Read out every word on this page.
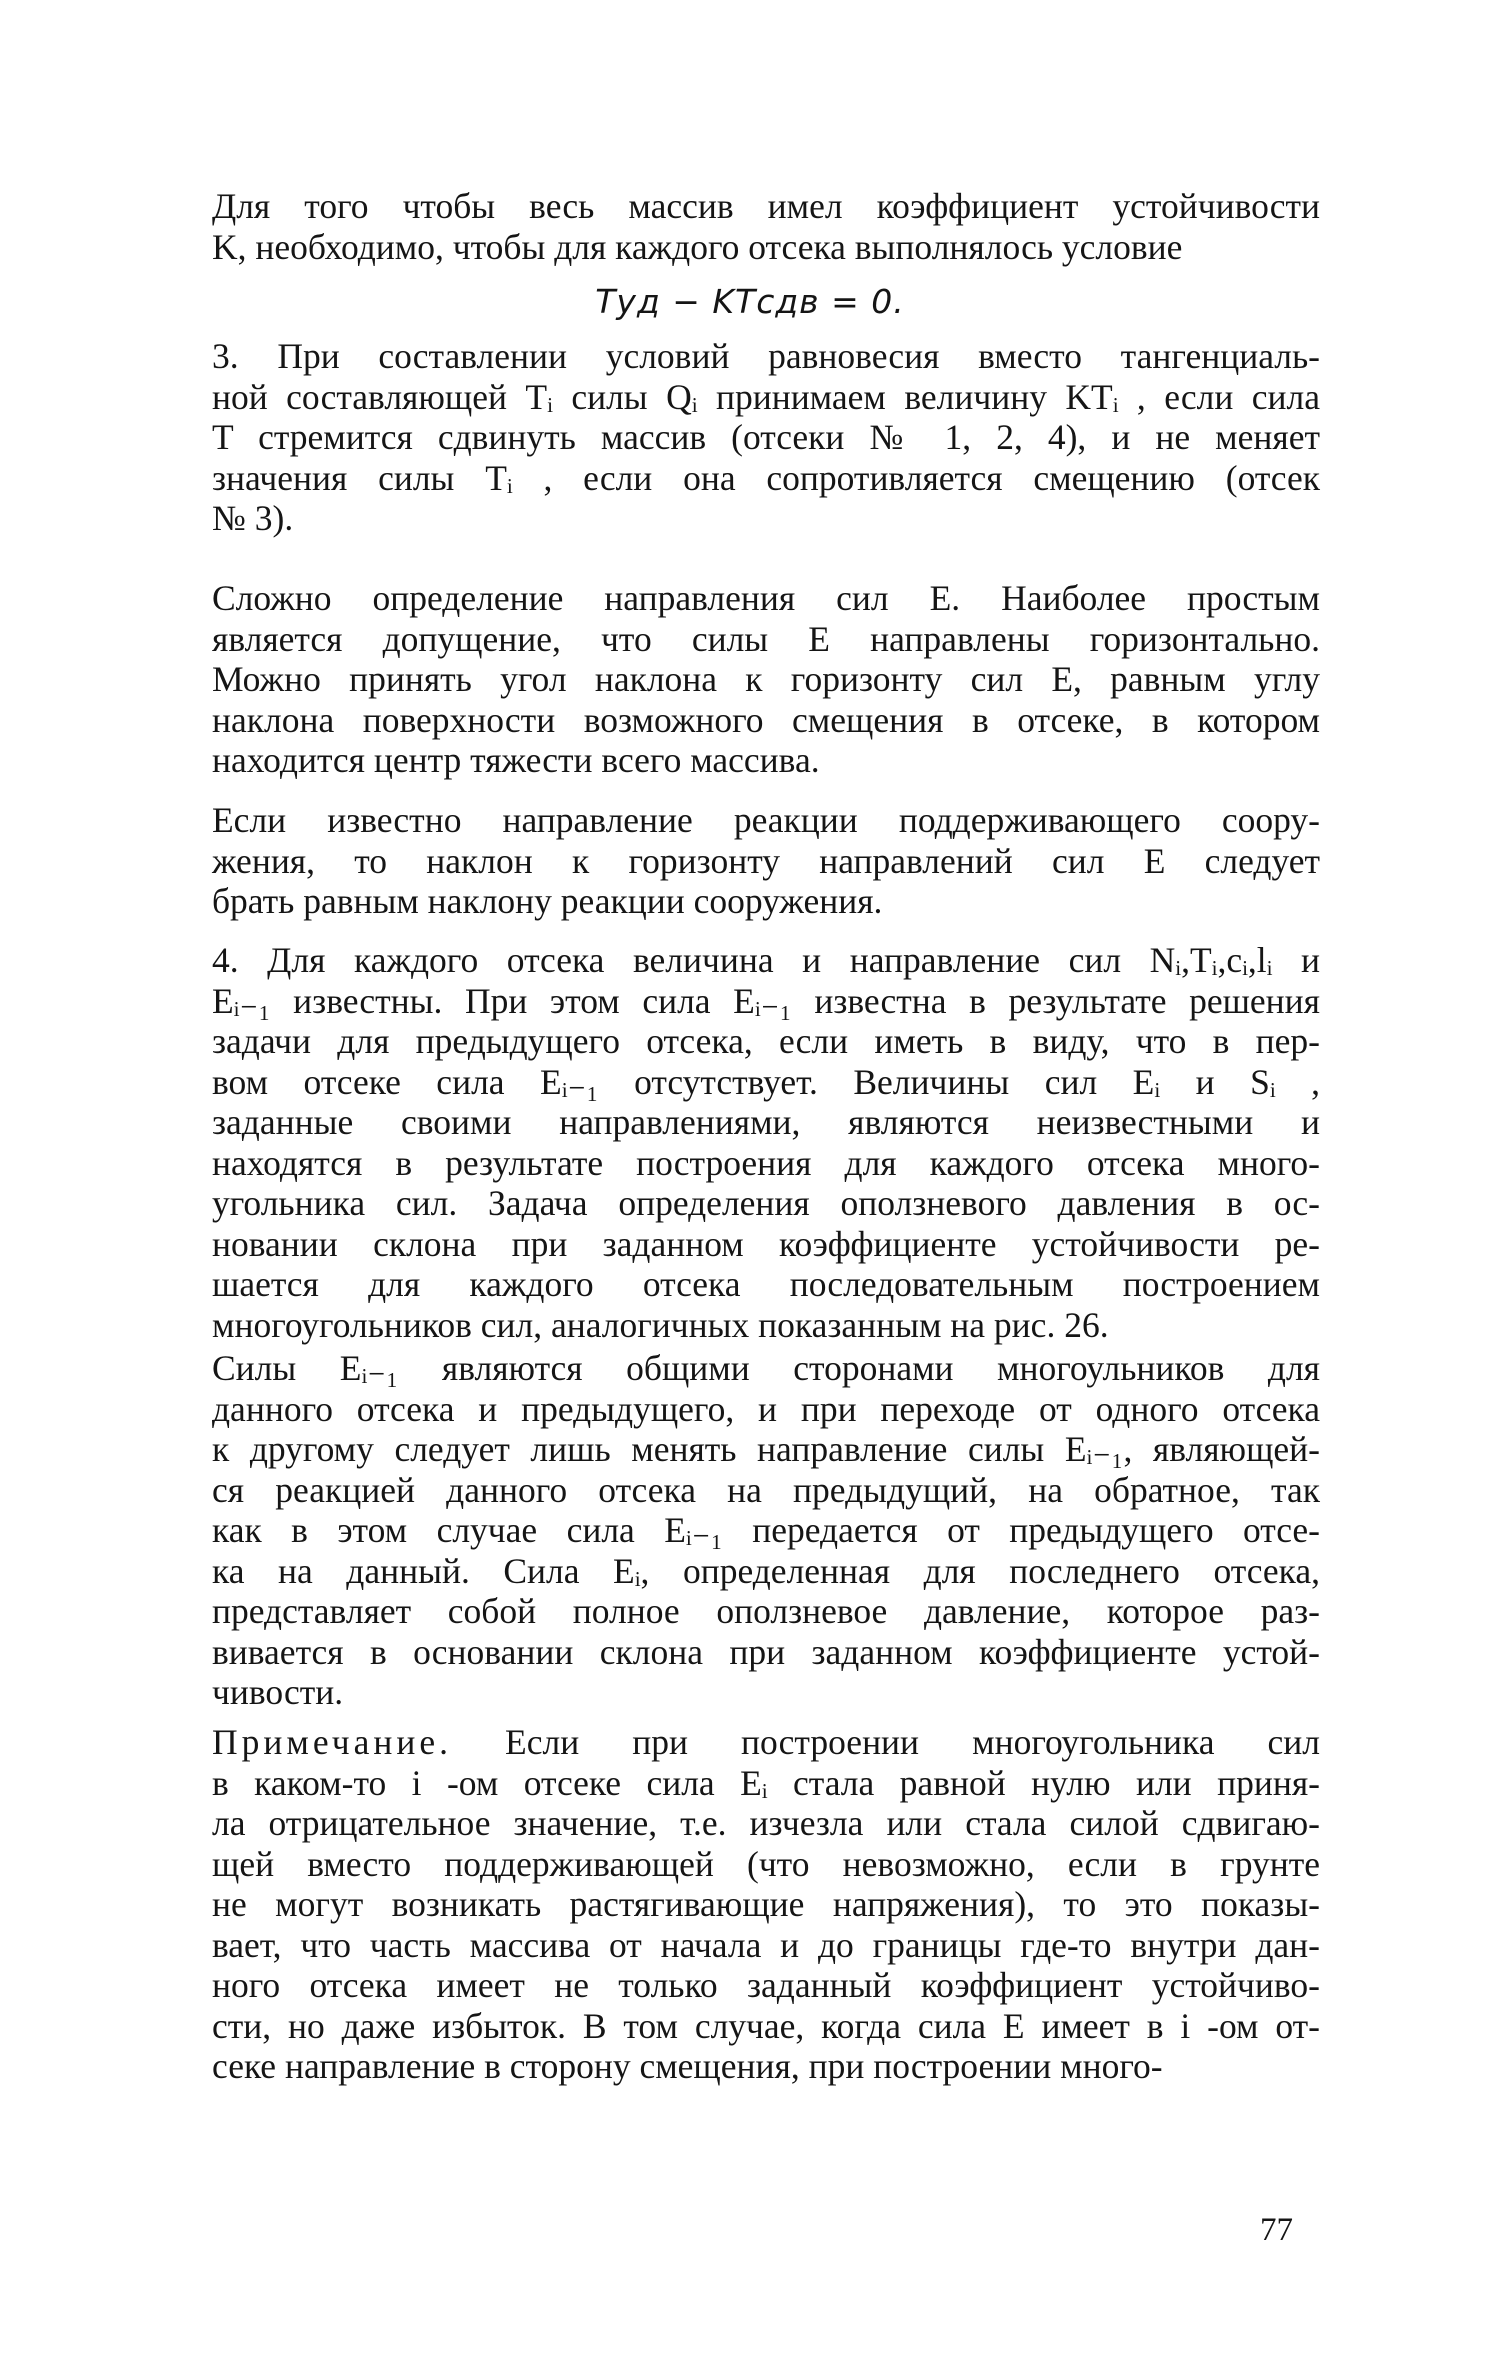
Для того чтобы весь массив имел коэффициент устойчивости
K, необходимо, чтобы для каждого отсека выполнялось условие
Tуд − KTсдв = 0.
3. При составлении условий равновесия вместо тангенциаль-
ной составляющей Tᵢ силы Qᵢ принимаем величину KTᵢ , если сила
T стремится сдвинуть массив (отсеки № 1, 2, 4), и не меняет
значения силы Tᵢ , если она сопротивляется смещению (отсек
№ 3).
Сложно определение направления сил E. Наиболее простым
является допущение, что силы E направлены горизонтально.
Можно принять угол наклона к горизонту сил E, равным углу
наклона поверхности возможного смещения в отсеке, в котором
находится центр тяжести всего массива.
Если известно направление реакции поддерживающего соору-
жения, то наклон к горизонту направлений сил E следует
брать равным наклону реакции сооружения.
4. Для каждого отсека величина и направление сил Nᵢ,Tᵢ,cᵢ,lᵢ и
Eᵢ₋₁ известны. При этом сила Eᵢ₋₁ известна в результате решения
задачи для предыдущего отсека, если иметь в виду, что в пер-
вом отсеке сила Eᵢ₋₁ отсутствует. Величины сил Eᵢ и Sᵢ ,
заданные своими направлениями, являются неизвестными и
находятся в результате построения для каждого отсека много-
угольника сил. Задача определения оползневого давления в ос-
новании склона при заданном коэффициенте устойчивости ре-
шается для каждого отсека последовательным построением
многоугольников сил, аналогичных показанным на рис. 26.
Силы Eᵢ₋₁ являются общими сторонами многоульников для
данного отсека и предыдущего, и при переходе от одного отсека
к другому следует лишь менять направление силы Eᵢ₋₁, являющей-
ся реакцией данного отсека на предыдущий, на обратное, так
как в этом случае сила Eᵢ₋₁ передается от предыдущего отсе-
ка на данный. Сила Eᵢ, определенная для последнего отсека,
представляет собой полное оползневое давление, которое раз-
вивается в основании склона при заданном коэффициенте устой-
чивости.
Примечание. Если при построении многоугольника сил
в каком-то i -ом отсеке сила Eᵢ стала равной нулю или приня-
ла отрицательное значение, т.е. изчезла или стала силой сдвигаю-
щей вместо поддерживающей (что невозможно, если в грунте
не могут возникать растягивающие напряжения), то это показы-
вает, что часть массива от начала и до границы где-то внутри дан-
ного отсека имеет не только заданный коэффициент устойчиво-
сти, но даже избыток. В том случае, когда сила E имеет в i -ом от-
секе направление в сторону смещения, при построении много-
77
